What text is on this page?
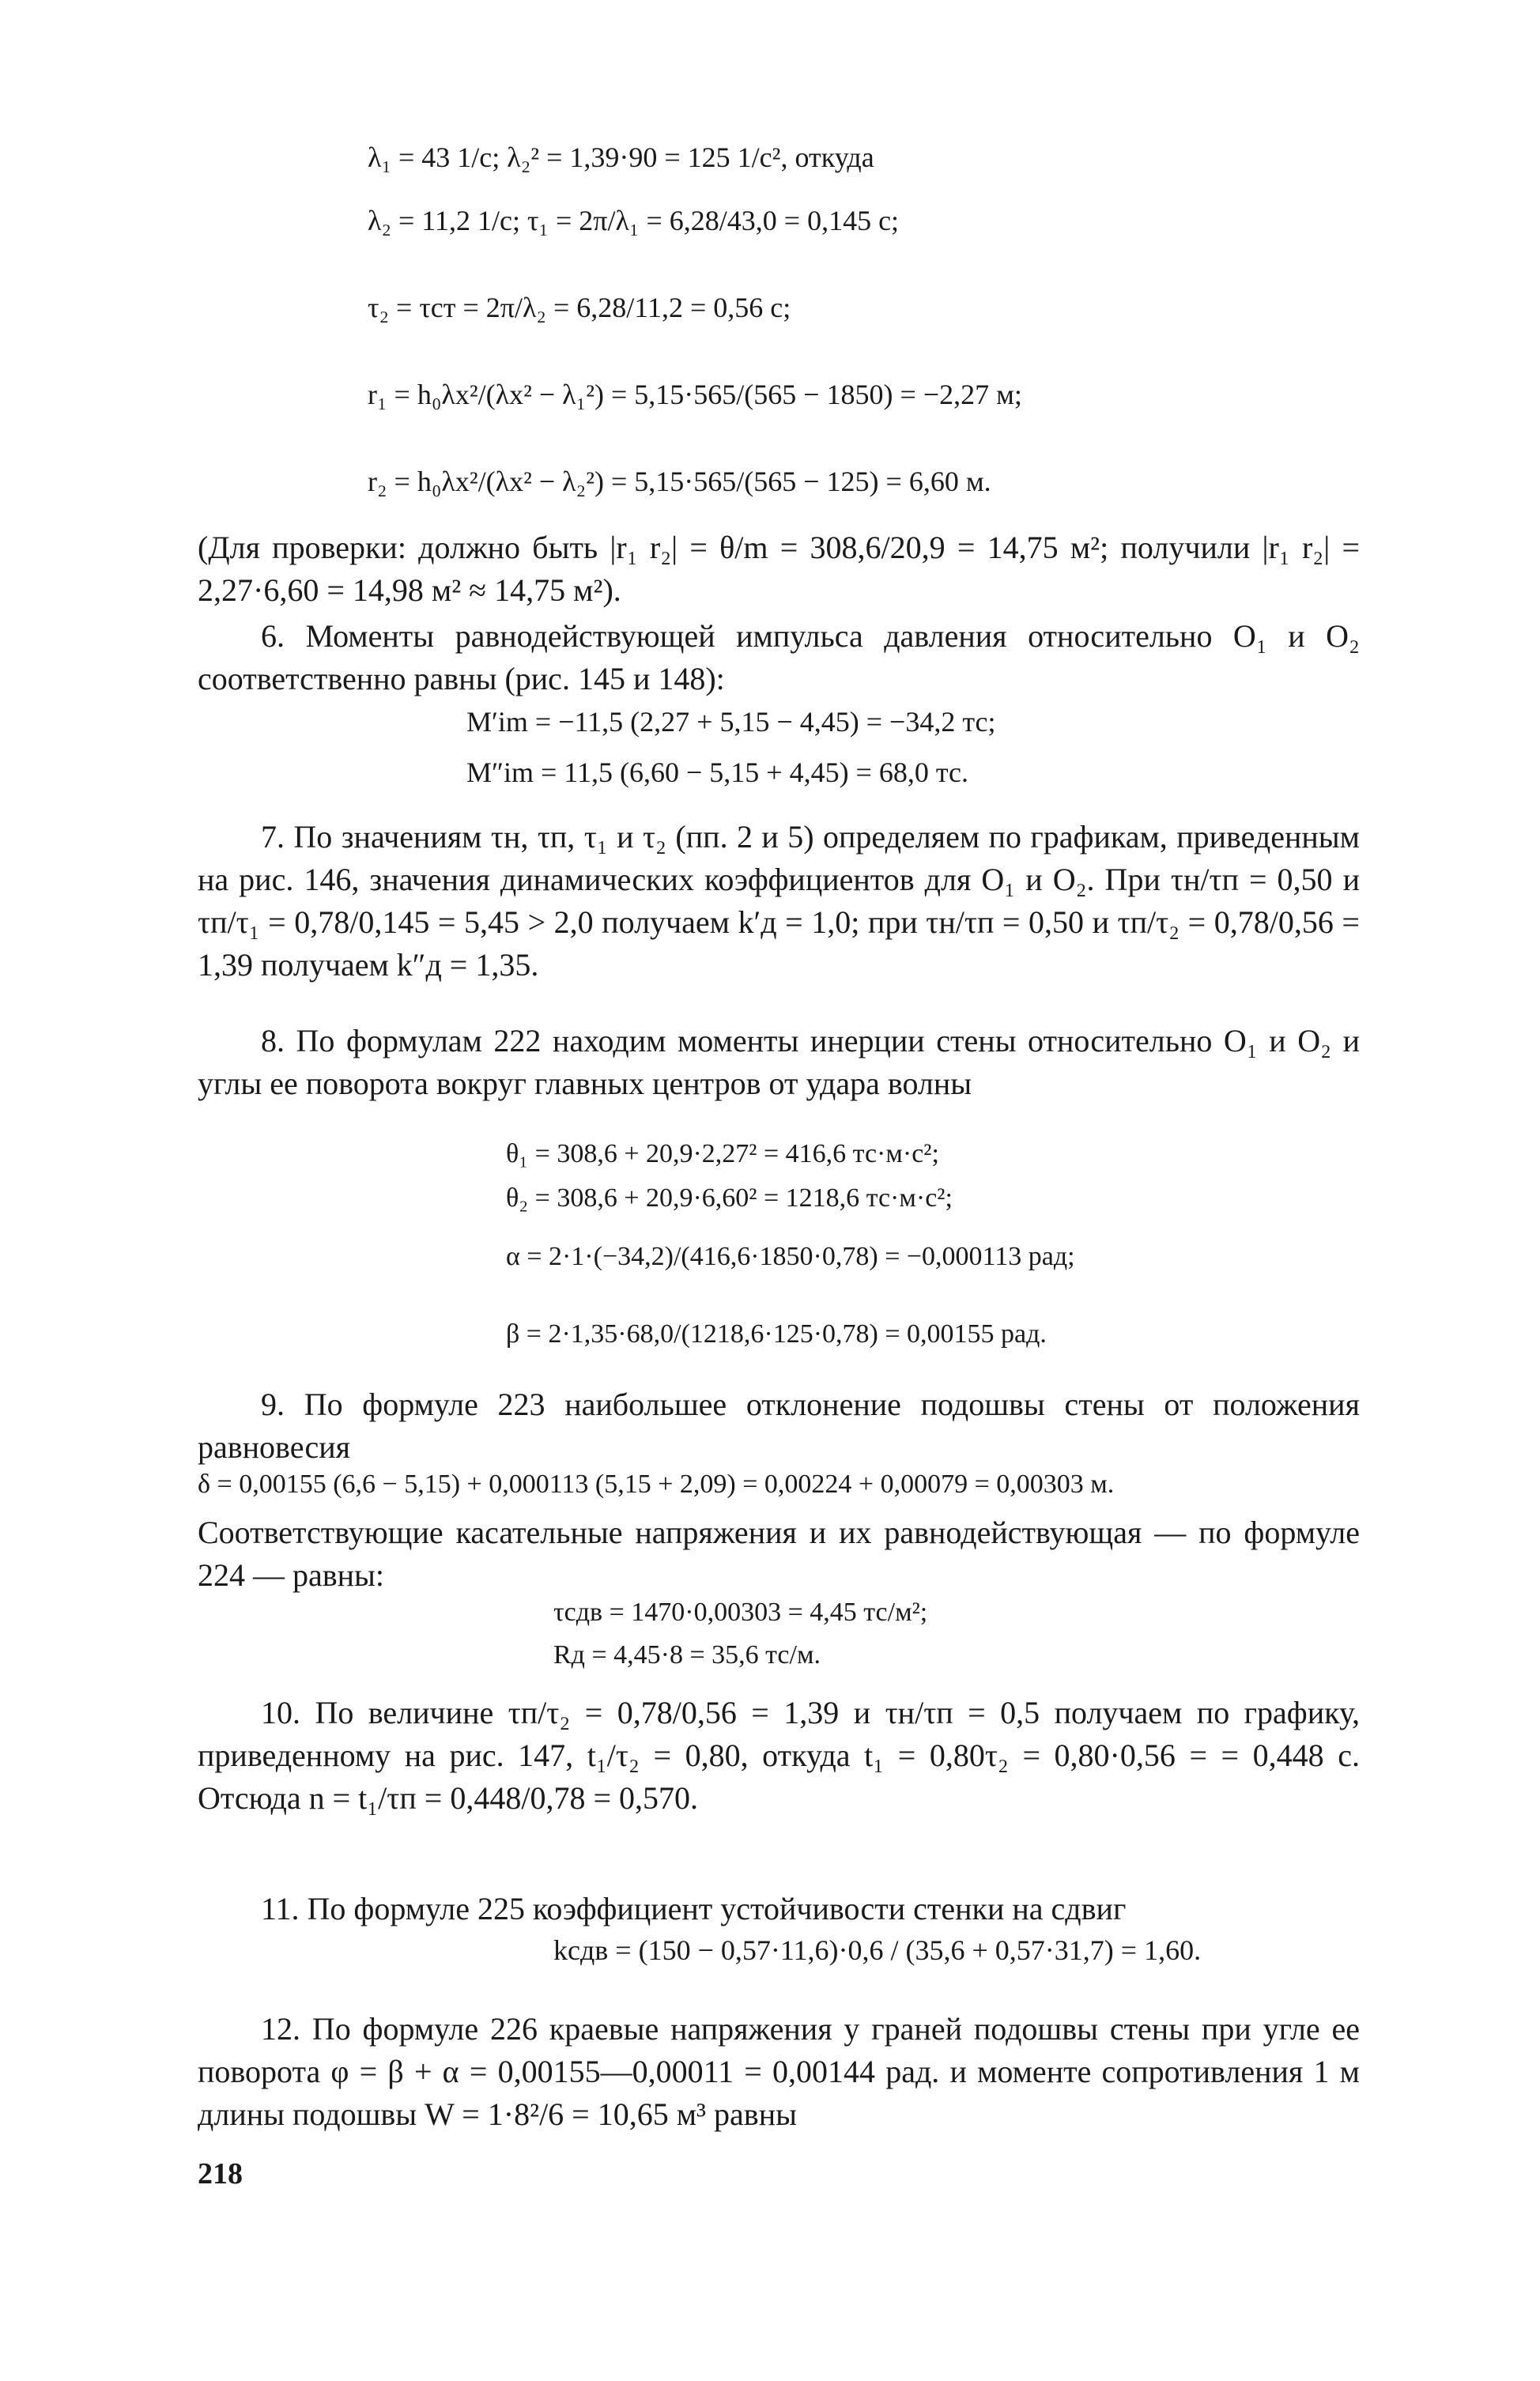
λ₁ = 43 1/с; λ₂² = 1,39·90 = 125 1/с², откуда
λ₂ = 11,2 1/с; τ₁ = 2π/λ₁ = 6,28/43,0 = 0,145 с;
τ₂ = τст = 2π/λ₂ = 6,28/11,2 = 0,56 с;
r₁ = h₀λx²/(λx² − λ₁²) = 5,15·565/(565 − 1850) = −2,27 м;
r₂ = h₀λx²/(λx² − λ₂²) = 5,15·565/(565 − 125) = 6,60 м.
(Для проверки: должно быть |r₁ r₂| = θ/m = 308,6/20,9 = 14,75 м²; получили |r₁ r₂| = 2,27·6,60 = 14,98 м² ≈ 14,75 м²).
6. Моменты равнодействующей импульса давления относительно O₁ и O₂ соответственно равны (рис. 145 и 148):
M′im = −11,5 (2,27 + 5,15 − 4,45) = −34,2 тс;
M″im = 11,5 (6,60 − 5,15 + 4,45) = 68,0 тс.
7. По значениям τн, τп, τ₁ и τ₂ (пп. 2 и 5) определяем по графикам, приведенным на рис. 146, значения динамических коэффициентов для O₁ и O₂. При τн/τп = 0,50 и τп/τ₁ = 0,78/0,145 = 5,45 > 2,0 получаем k′д = 1,0; при τн/τп = 0,50 и τп/τ₂ = 0,78/0,56 = 1,39 получаем k″д = 1,35.
8. По формулам 222 находим моменты инерции стены относительно O₁ и O₂ и углы ее поворота вокруг главных центров от удара волны
θ₁ = 308,6 + 20,9·2,27² = 416,6 тс·м·с²;
θ₂ = 308,6 + 20,9·6,60² = 1218,6 тс·м·с²;
α = 2·1·(−34,2)/(416,6·1850·0,78) = −0,000113 рад;
β = 2·1,35·68,0/(1218,6·125·0,78) = 0,00155 рад.
9. По формуле 223 наибольшее отклонение подошвы стены от положения равновесия
δ = 0,00155 (6,6 − 5,15) + 0,000113 (5,15 + 2,09) = 0,00224 + 0,00079 = 0,00303 м.
Соответствующие касательные напряжения и их равнодействующая — по формуле 224 — равны:
τсдв = 1470·0,00303 = 4,45 тс/м²;
Rд = 4,45·8 = 35,6 тс/м.
10. По величине τп/τ₂ = 0,78/0,56 = 1,39 и τн/τп = 0,5 получаем по графику, приведенному на рис. 147, t₁/τ₂ = 0,80, откуда t₁ = 0,80τ₂ = 0,80·0,56 = = 0,448 с. Отсюда n = t₁/τп = 0,448/0,78 = 0,570.
11. По формуле 225 коэффициент устойчивости стенки на сдвиг
kсдв = (150 − 0,57·11,6)·0,6 / (35,6 + 0,57·31,7) = 1,60.
12. По формуле 226 краевые напряжения у граней подошвы стены при угле ее поворота φ = β + α = 0,00155—0,00011 = 0,00144 рад. и моменте сопротивления 1 м длины подошвы W = 1·8²/6 = 10,65 м³ равны
218
